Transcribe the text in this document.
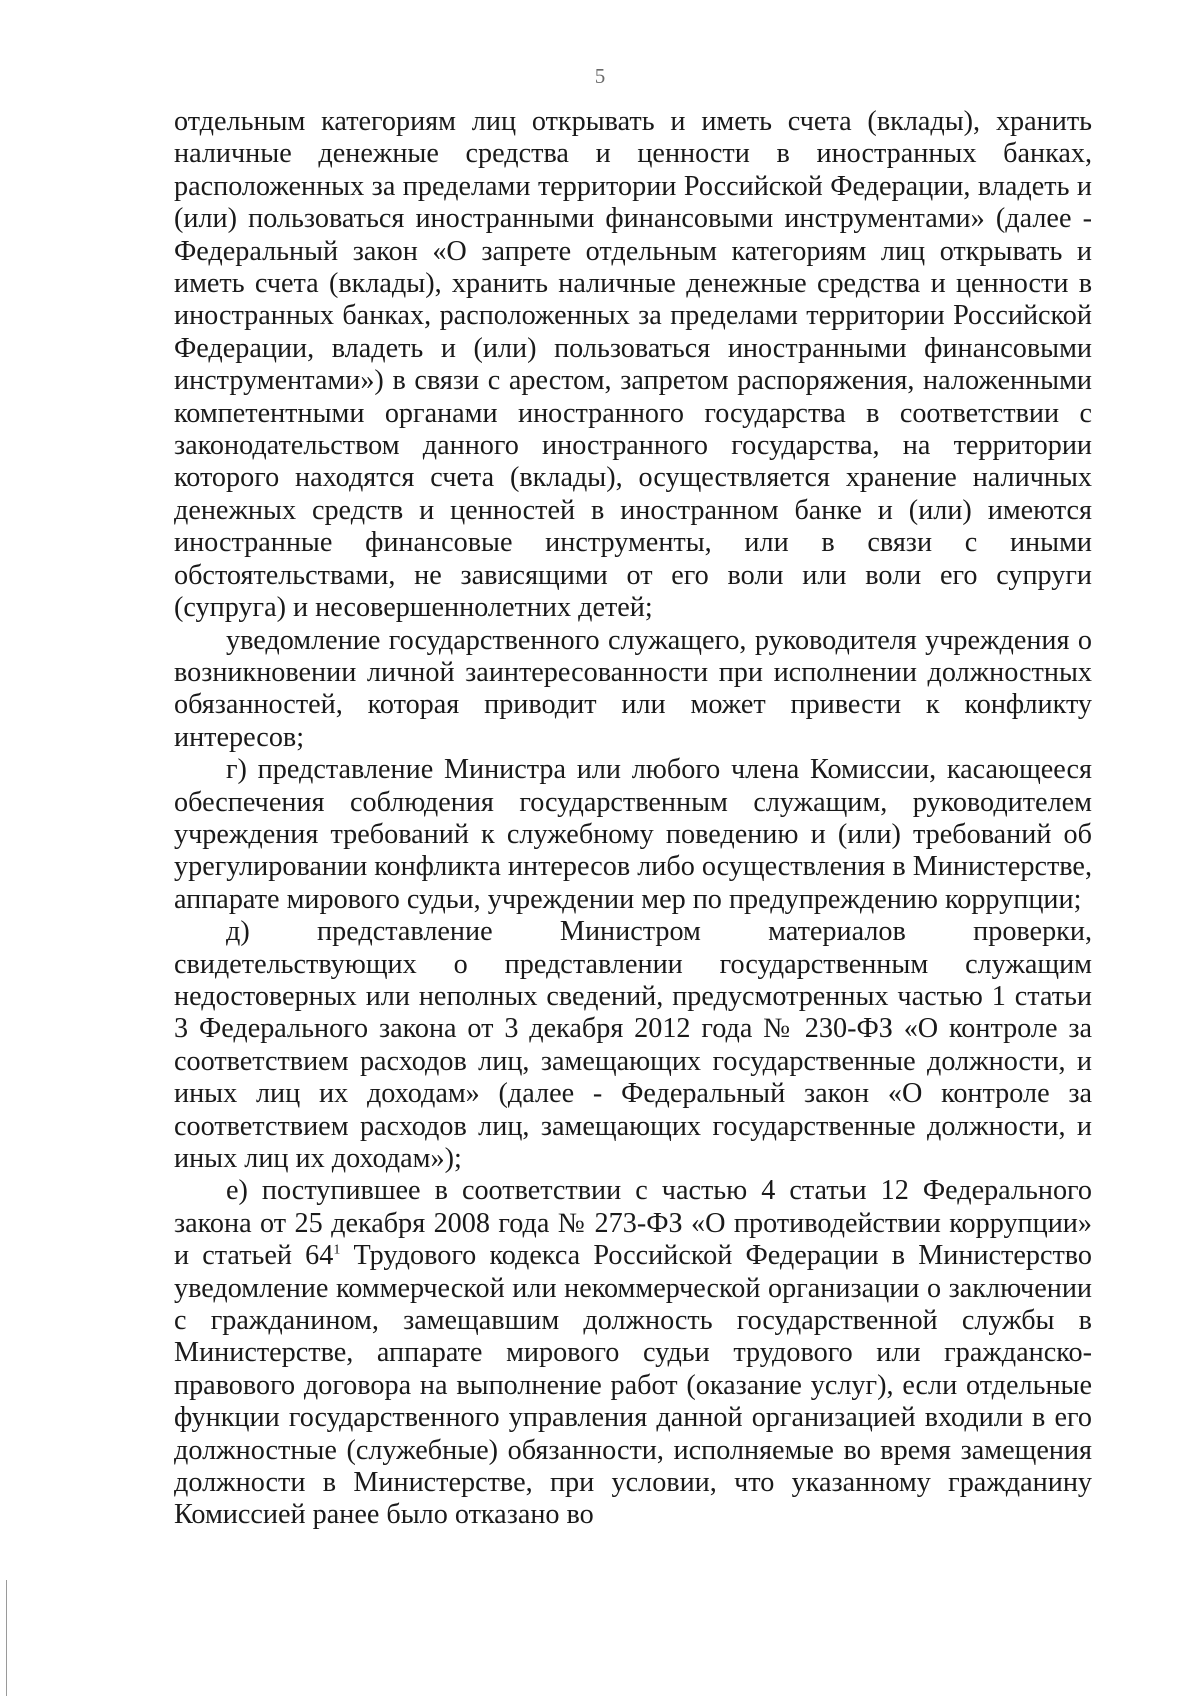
5

отдельным категориям лиц открывать и иметь счета (вклады), хранить наличные денежные средства и ценности в иностранных банках, расположенных за пределами территории Российской Федерации, владеть и (или) пользоваться иностранными финансовыми инструментами» (далее - Федеральный закон «О запрете отдельным категориям лиц открывать и иметь счета (вклады), хранить наличные денежные средства и ценности в иностранных банках, расположенных за пределами территории Российской Федерации, владеть и (или) пользоваться иностранными финансовыми инструментами») в связи с арестом, запретом распоряжения, наложенными компетентными органами иностранного государства в соответствии с законодательством данного иностранного государства, на территории которого находятся счета (вклады), осуществляется хранение наличных денежных средств и ценностей в иностранном банке и (или) имеются иностранные финансовые инструменты, или в связи с иными обстоятельствами, не зависящими от его воли или воли его супруги (супруга) и несовершеннолетних детей;

уведомление государственного служащего, руководителя учреждения о возникновении личной заинтересованности при исполнении должностных обязанностей, которая приводит или может привести к конфликту интересов;

г) представление Министра или любого члена Комиссии, касающееся обеспечения соблюдения государственным служащим, руководителем учреждения требований к служебному поведению и (или) требований об урегулировании конфликта интересов либо осуществления в Министерстве, аппарате мирового судьи, учреждении мер по предупреждению коррупции;

д) представление Министром материалов проверки, свидетельствующих о представлении государственным служащим недостоверных или неполных сведений, предусмотренных частью 1 статьи 3 Федерального закона от 3 декабря 2012 года № 230-ФЗ «О контроле за соответствием расходов лиц, замещающих государственные должности, и иных лиц их доходам» (далее - Федеральный закон «О контроле за соответствием расходов лиц, замещающих государственные должности, и иных лиц их доходам»);

е) поступившее в соответствии с частью 4 статьи 12 Федерального закона от 25 декабря 2008 года № 273-ФЗ «О противодействии коррупции» и статьей $64^1$ Трудового кодекса Российской Федерации в Министерство уведомление коммерческой или некоммерческой организации о заключении с гражданином, замещавшим должность государственной службы в Министерстве, аппарате мирового судьи трудового или гражданско-правового договора на выполнение работ (оказание услуг), если отдельные функции государственного управления данной организацией входили в его должностные (служебные) обязанности, исполняемые во время замещения должности в Министерстве, при условии, что указанному гражданину Комиссией ранее было отказано во
